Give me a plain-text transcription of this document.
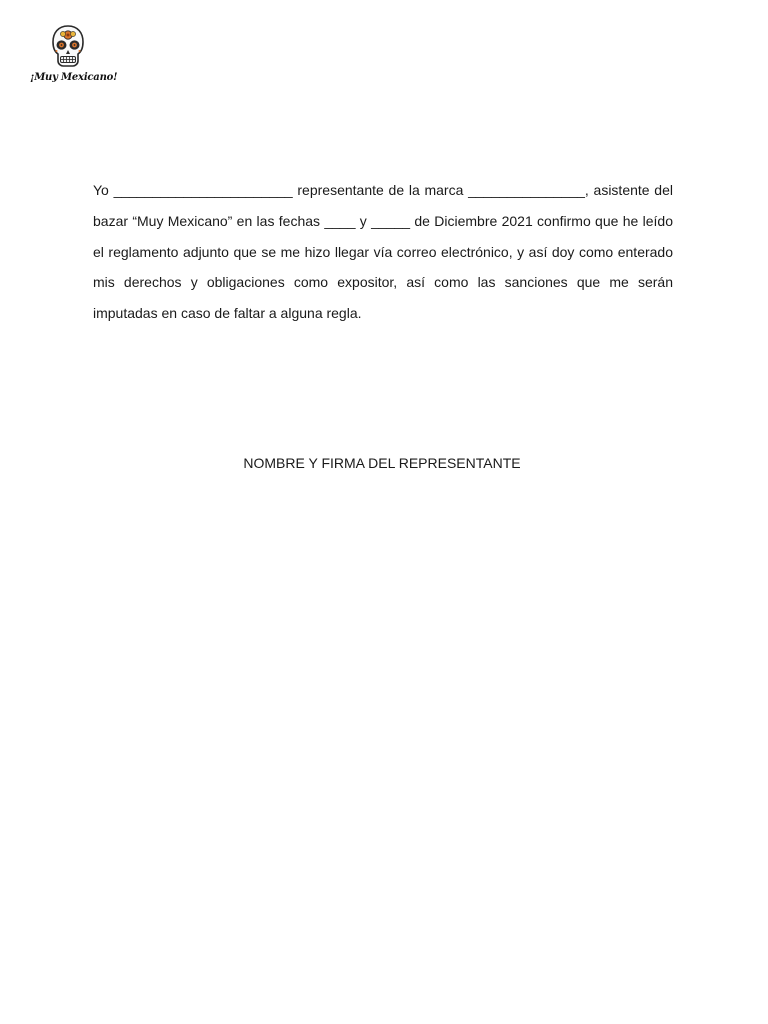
¡Muy Mexicano!

Yo _______________________ representante de la marca _______________, asistente del bazar “Muy Mexicano” en las fechas ____ y _____ de Diciembre 2021 confirmo que he leído el reglamento adjunto que se me hizo llegar vía correo electrónico, y así doy como enterado mis derechos y obligaciones como expositor, así como las sanciones que me serán imputadas en caso de faltar a alguna regla.

NOMBRE Y FIRMA DEL REPRESENTANTE
